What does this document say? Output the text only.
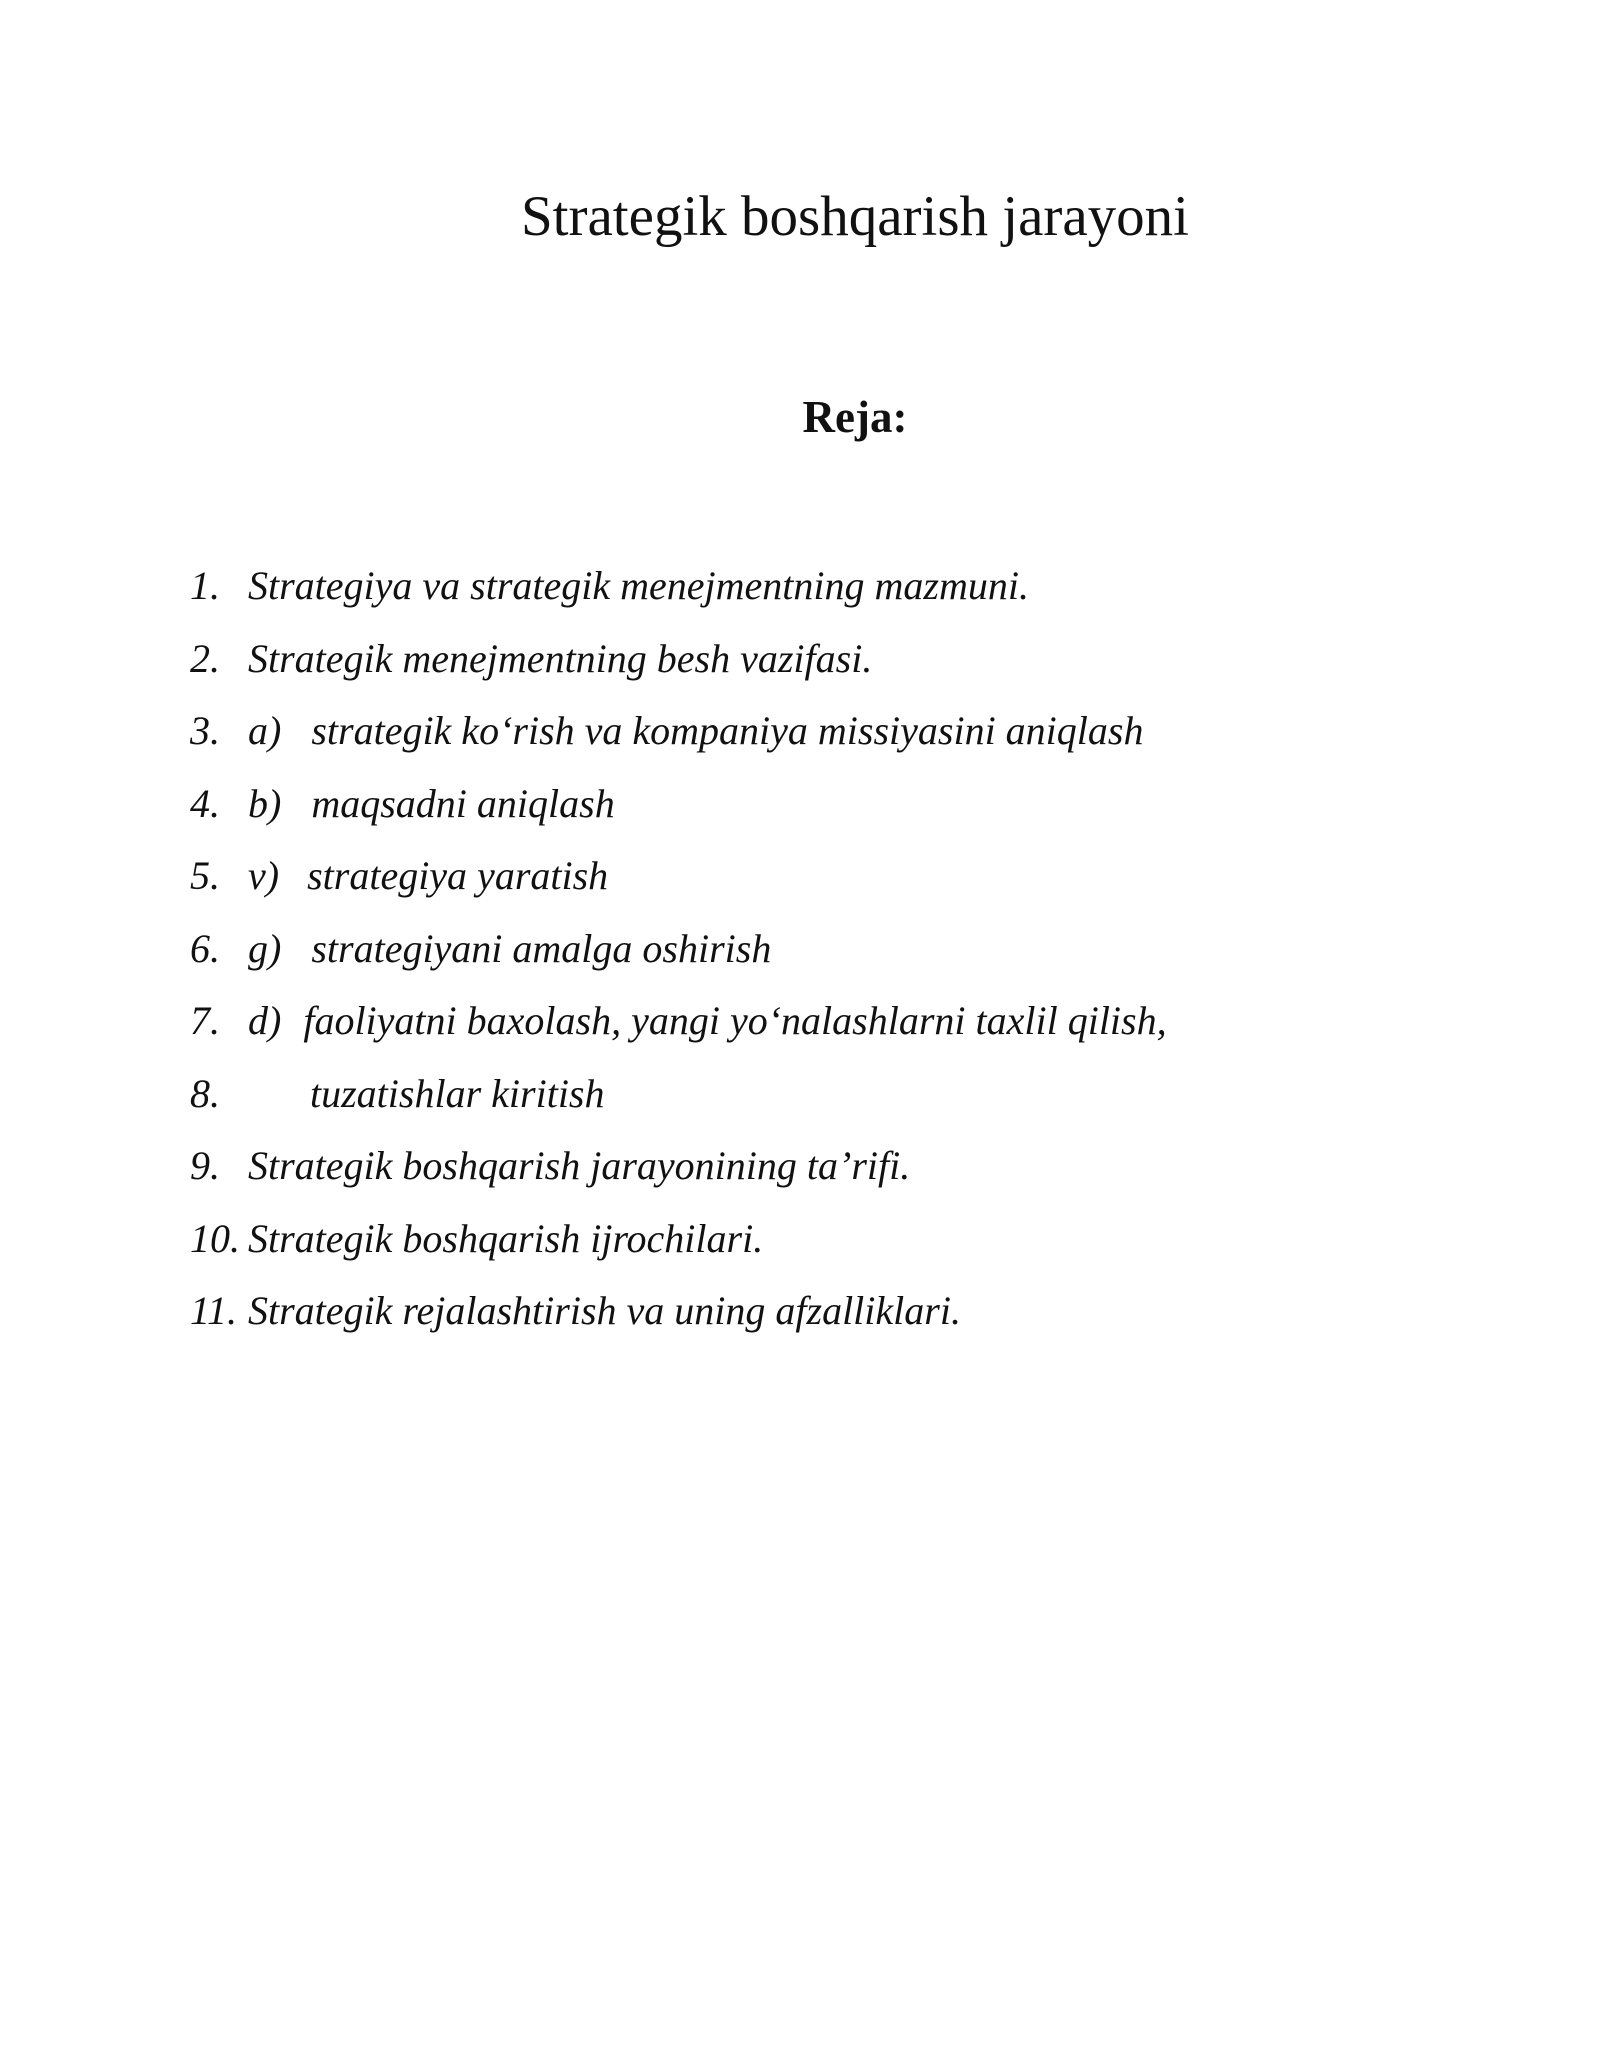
Strategik boshqarish jarayoni
Reja:
1. Strategiya va strategik menejmentning mazmuni.
2. Strategik menejmentning besh vazifasi.
3. a) strategik ko‘rish va kompaniya missiyasini aniqlash
4. b) maqsadni aniqlash
5. v) strategiya yaratish
6. g) strategiyani amalga oshirish
7. d) faoliyatni baxolash, yangi yo‘nalashlarni taxlil qilish,
8. tuzatishlar kiritish
9. Strategik boshqarish jarayonining ta’rifi.
10. Strategik boshqarish ijrochilari.
11. Strategik rejalashtirish va uning afzalliklari.
